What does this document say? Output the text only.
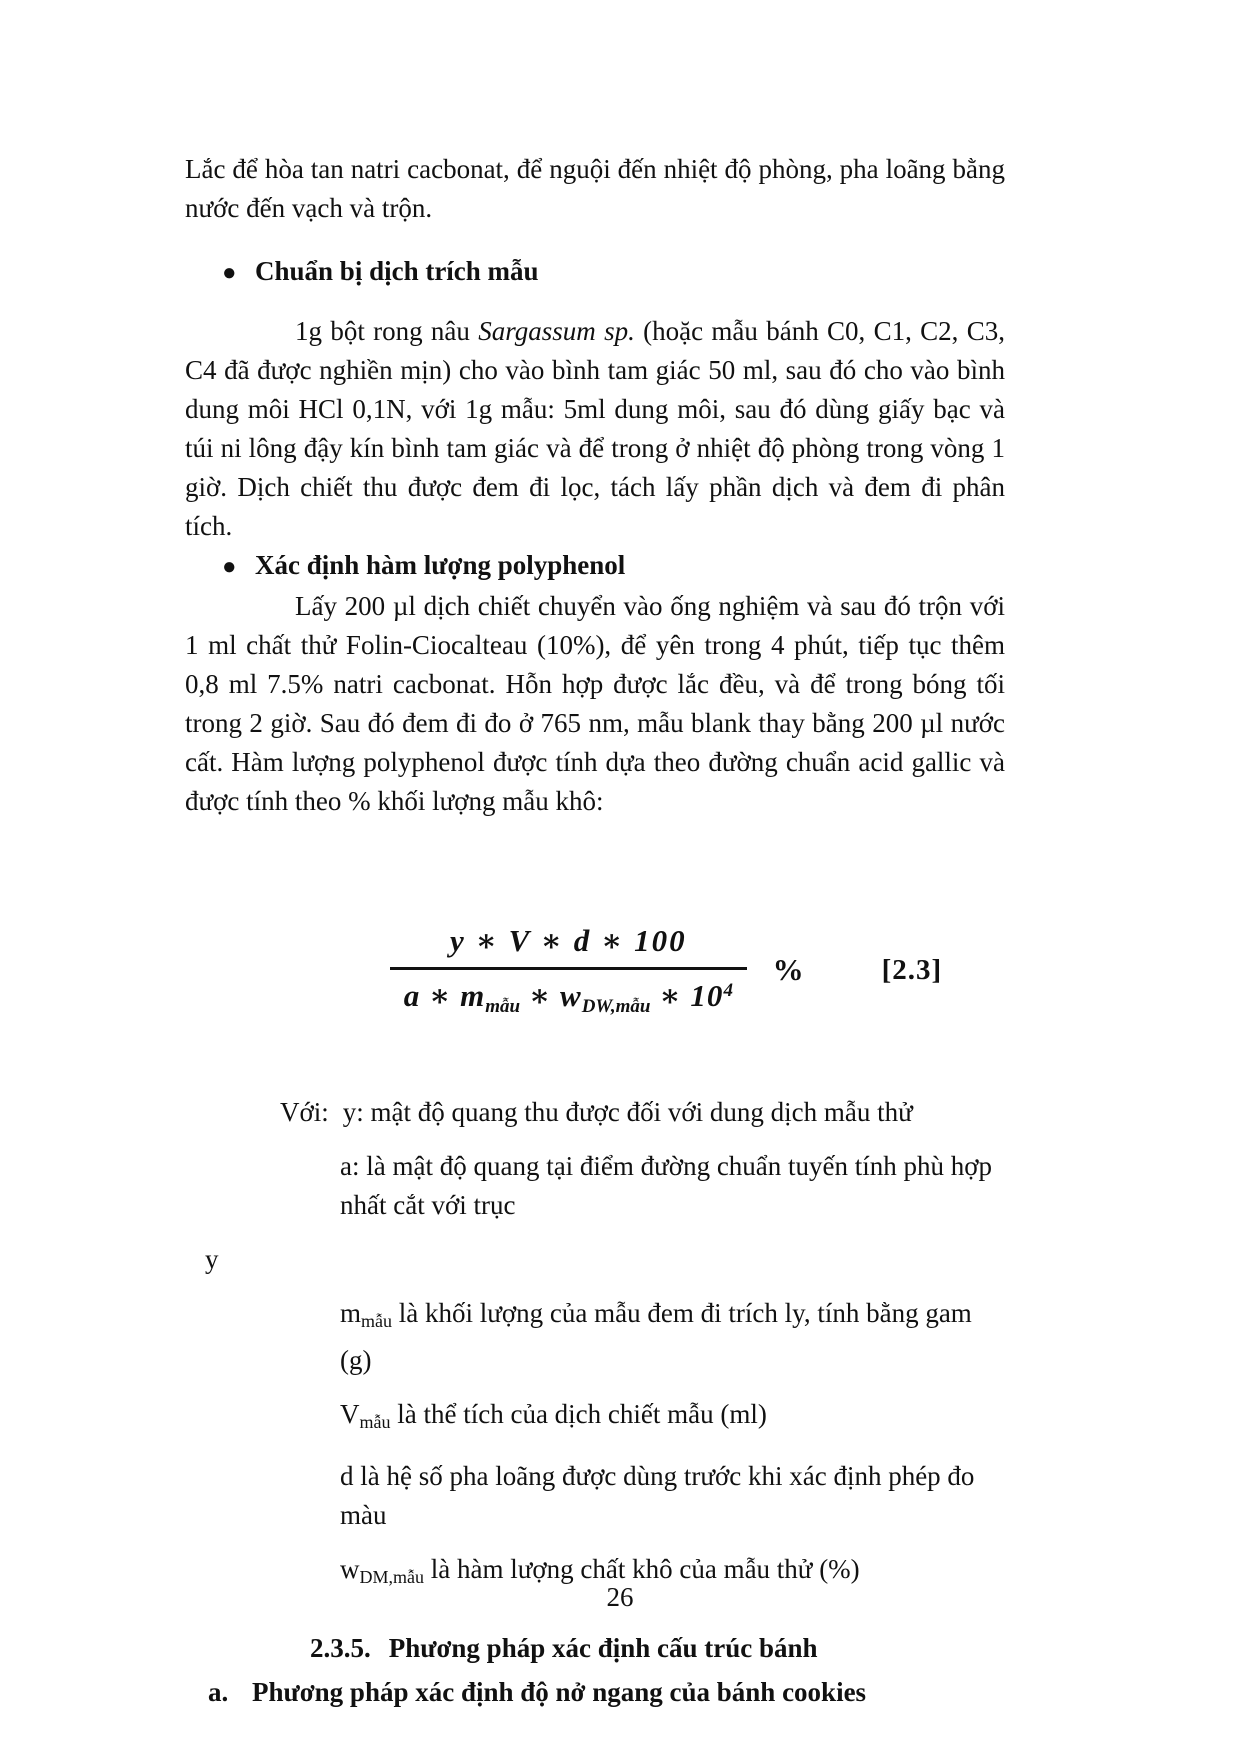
Lắc để hòa tan natri cacbonat, để nguội đến nhiệt độ phòng, pha loãng bằng nước đến vạch và trộn.

● Chuẩn bị dịch trích mẫu

1g bột rong nâu Sargassum sp. (hoặc mẫu bánh C0, C1, C2, C3, C4 đã được nghiền mịn) cho vào bình tam giác 50 ml, sau đó cho vào bình dung môi HCl 0,1N, với 1g mẫu: 5ml dung môi, sau đó dùng giấy bạc và túi ni lông đậy kín bình tam giác và để trong ở nhiệt độ phòng trong vòng 1 giờ. Dịch chiết thu được đem đi lọc, tách lấy phần dịch và đem đi phân tích.

● Xác định hàm lượng polyphenol

Lấy 200 µl dịch chiết chuyển vào ống nghiệm và sau đó trộn với 1 ml chất thử Folin-Ciocalteau (10%), để yên trong 4 phút, tiếp tục thêm 0,8 ml 7.5% natri cacbonat. Hỗn hợp được lắc đều, và để trong bóng tối trong 2 giờ. Sau đó đem đi đo ở 765 nm, mẫu blank thay bằng 200 µl nước cất. Hàm lượng polyphenol được tính dựa theo đường chuẩn acid gallic và được tính theo % khối lượng mẫu khô:

$\frac{y ∗ V ∗ d ∗ 100}{a ∗ m_{mẫu} ∗ w_{DW,mẫu} ∗ 10^4}$ %	[2.3]

Với: y: mật độ quang thu được đối với dung dịch mẫu thử

a: là mật độ quang tại điểm đường chuẩn tuyến tính phù hợp nhất cắt với trục

y

$m_{mẫu}$ là khối lượng của mẫu đem đi trích ly, tính bằng gam (g)

$V_{mẫu}$ là thể tích của dịch chiết mẫu (ml)

d là hệ số pha loãng được dùng trước khi xác định phép đo màu

$w_{DM,mẫu}$ là hàm lượng chất khô của mẫu thử (%)

2.3.5. Phương pháp xác định cấu trúc bánh

a. Phương pháp xác định độ nở ngang của bánh cookies

26
